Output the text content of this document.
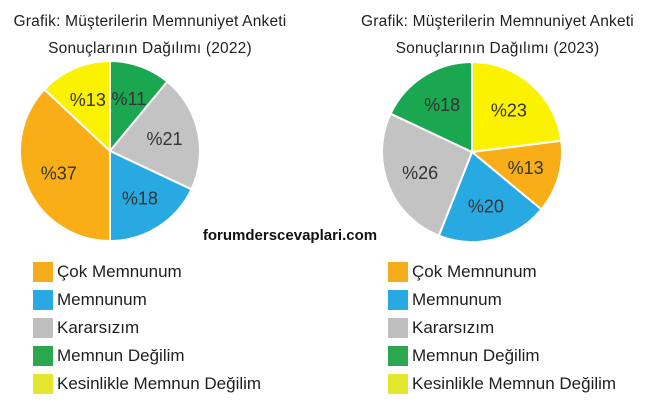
Grafik: Müşterilerin Memnuniyet Anketi
Sonuçlarının Dağılımı (2022)
Grafik: Müşterilerin Memnuniyet Anketi
Sonuçlarının Dağılımı (2023)
%11
%21
%18
%37
%13
%23
%13
%20
%26
%18
forumderscevaplari.com
Çok Memnunum
Memnunum
Kararsızım
Memnun Değilim
Kesinlikle Memnun Değilim
Çok Memnunum
Memnunum
Kararsızım
Memnun Değilim
Kesinlikle Memnun Değilim
